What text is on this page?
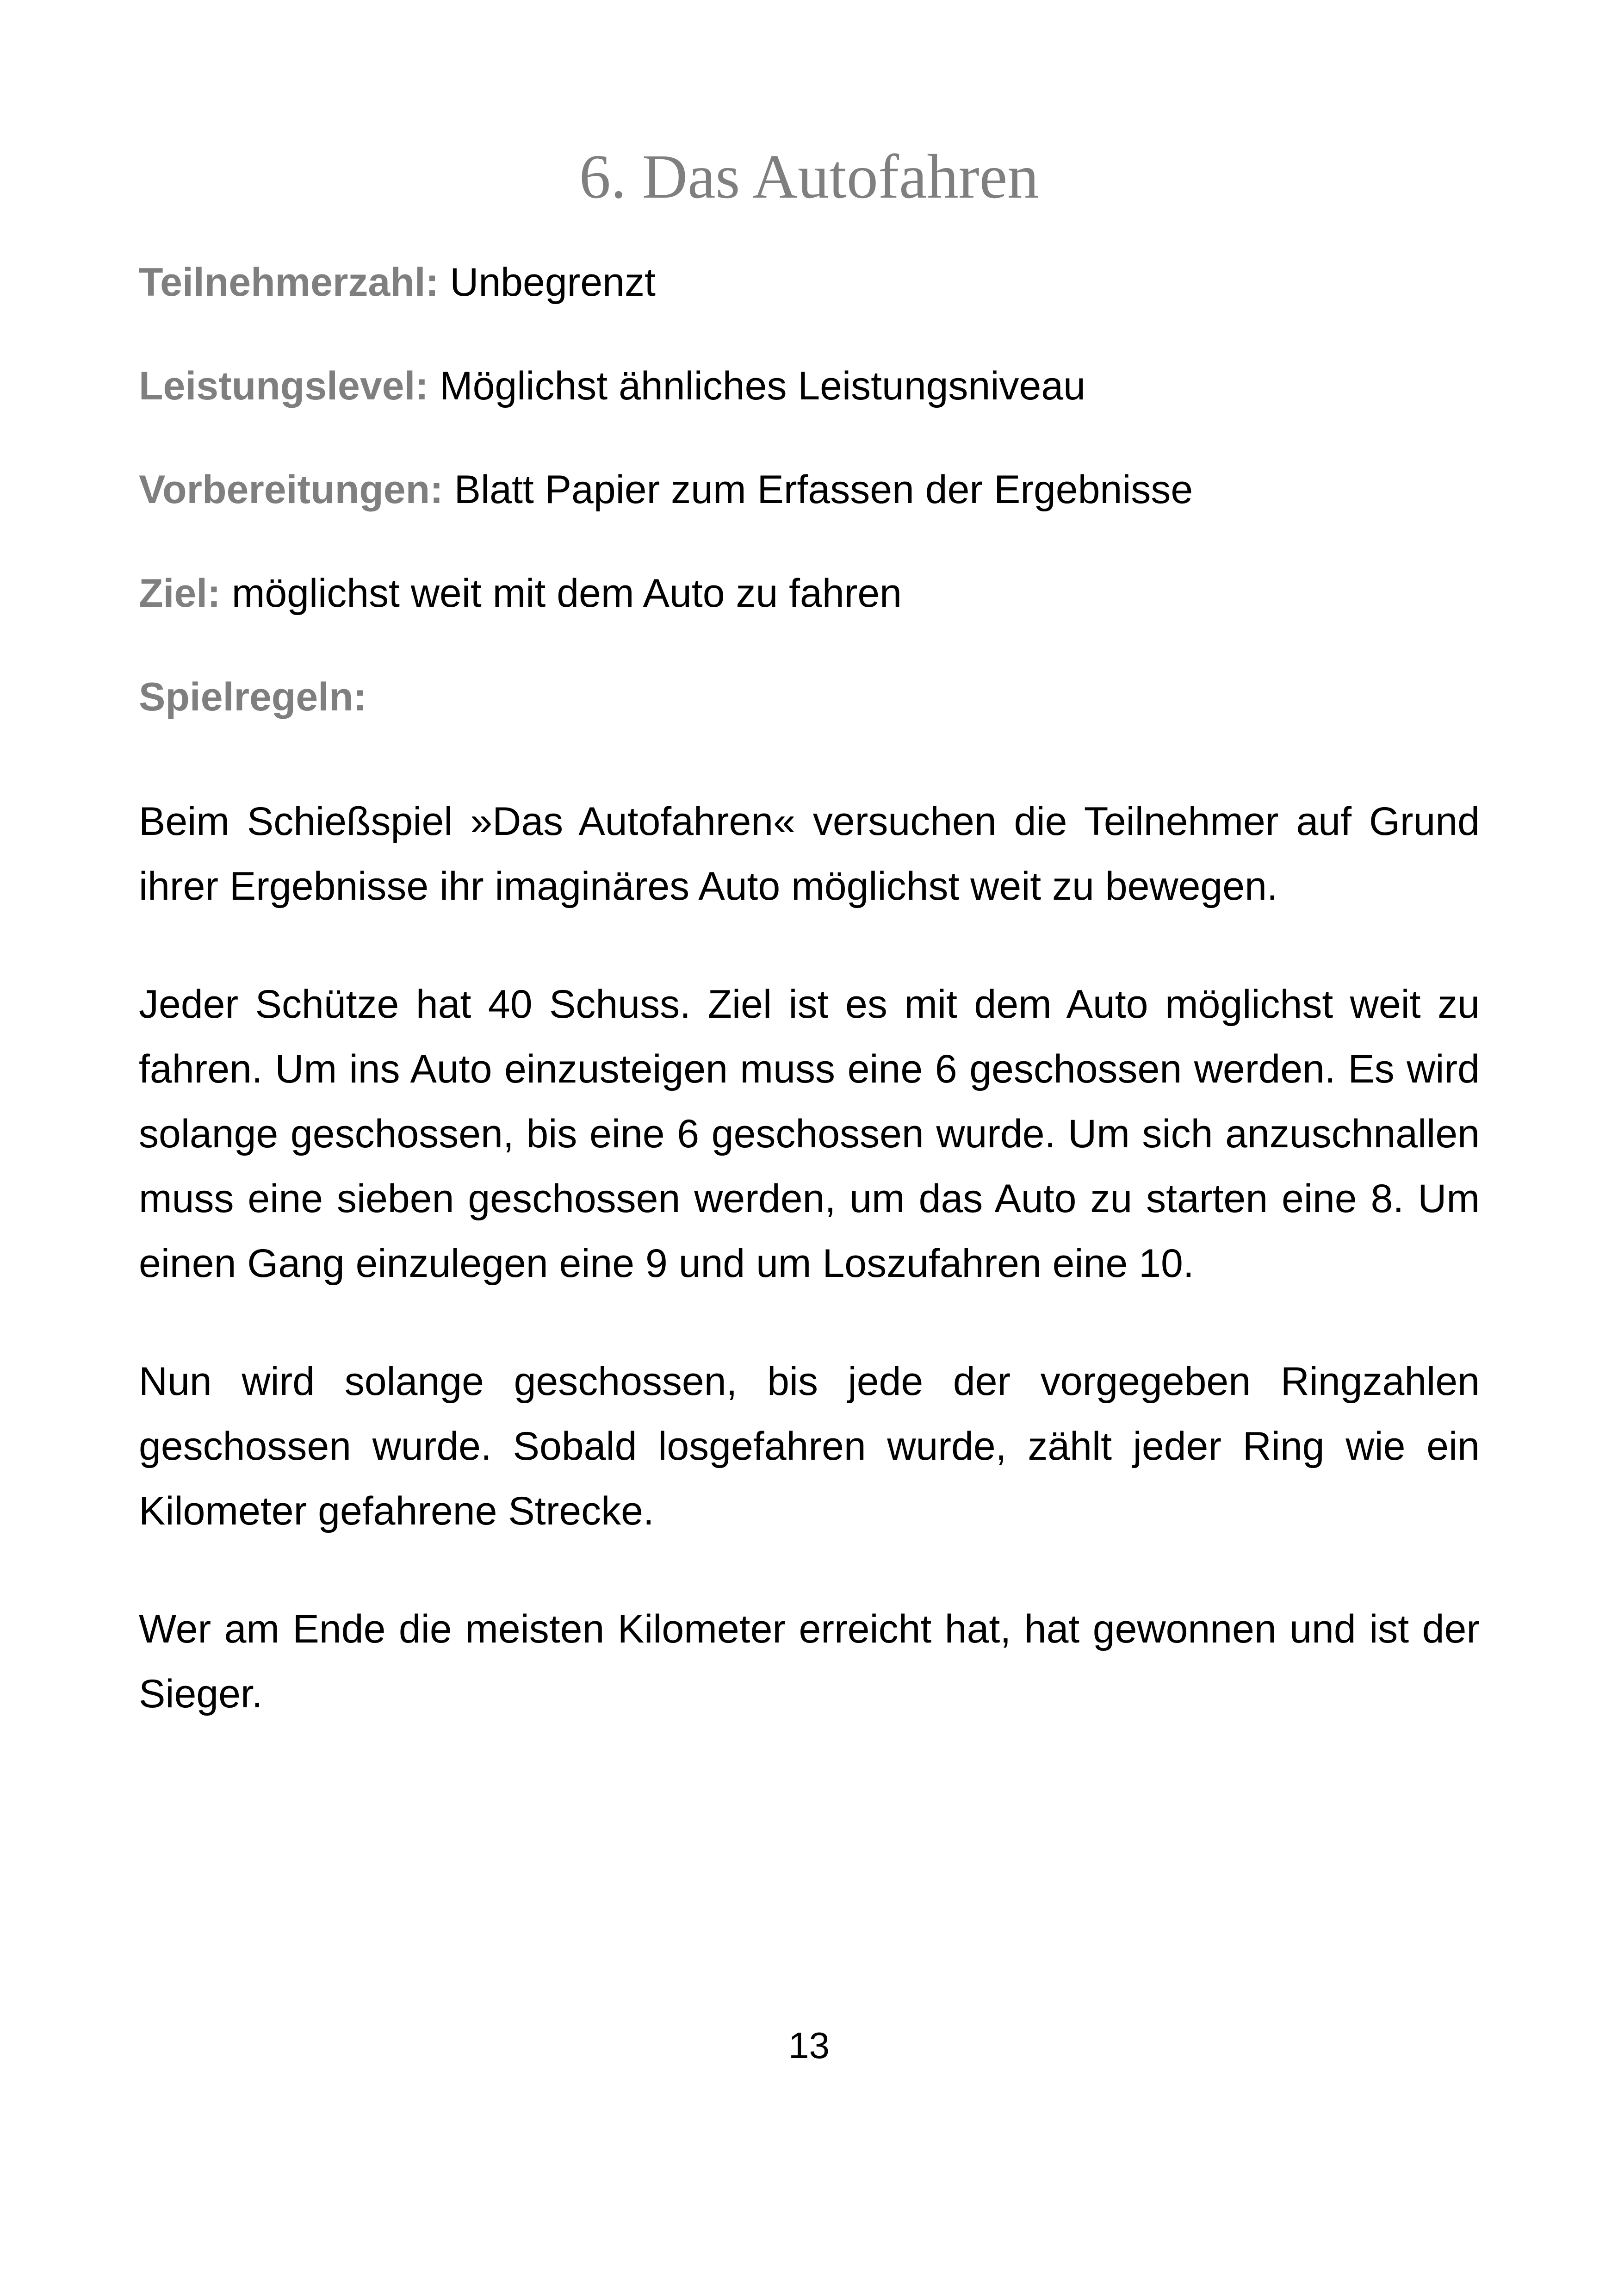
6. Das Autofahren
Teilnehmerzahl: Unbegrenzt
Leistungslevel: Möglichst ähnliches Leistungsniveau
Vorbereitungen: Blatt Papier zum Erfassen der Ergebnisse
Ziel: möglichst weit mit dem Auto zu fahren
Spielregeln:

Beim Schießspiel »Das Autofahren« versuchen die Teilnehmer auf Grund ihrer Ergebnisse ihr imaginäres Auto möglichst weit zu bewegen.

Jeder Schütze hat 40 Schuss. Ziel ist es mit dem Auto möglichst weit zu fahren. Um ins Auto einzusteigen muss eine 6 geschossen werden. Es wird solange geschossen, bis eine 6 geschossen wurde. Um sich anzuschnallen muss eine sieben geschossen werden, um das Auto zu starten eine 8. Um einen Gang einzulegen eine 9 und um Loszufahren eine 10.

Nun wird solange geschossen, bis jede der vorgegeben Ringzahlen geschossen wurde. Sobald losgefahren wurde, zählt jeder Ring wie ein Kilometer gefahrene Strecke.

Wer am Ende die meisten Kilometer erreicht hat, hat gewonnen und ist der Sieger.

13
